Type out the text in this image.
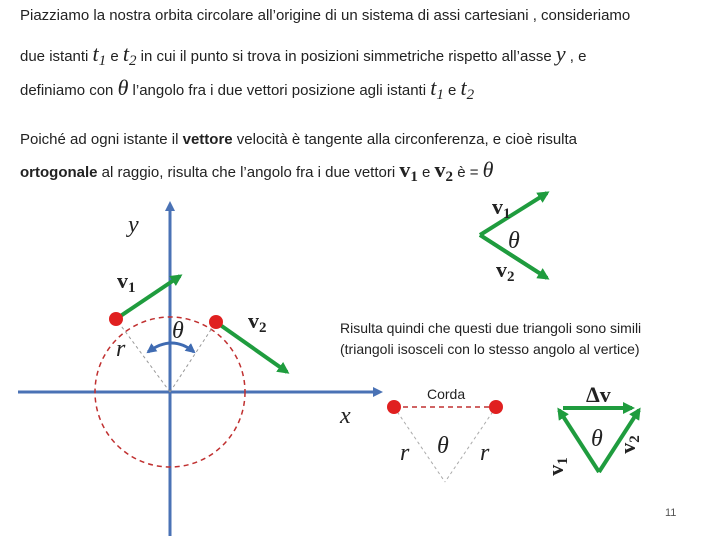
Piazziamo la nostra orbita circolare all’origine di un sistema di assi cartesiani , consideriamo
due istanti t1 e t2 in cui il punto si trova in posizioni simmetriche rispetto all’asse y , e
definiamo con θ l’angolo fra i due vettori posizione agli istanti t1 e t2
Poiché ad ogni istante il vettore velocità è tangente alla circonferenza, e cioè risulta
ortogonale al raggio, risulta che l’angolo fra i due vettori v1 e v2 è = θ
y
x
$v_1$
$v_2$
r
θ
$v_1$
θ
$v_2$
Risulta quindi che questi due triangoli sono simili
(triangoli isosceli con lo stesso angolo al vertice)
Corda
r θ r
Δv
θ
$v_1$
$v_2$
11
